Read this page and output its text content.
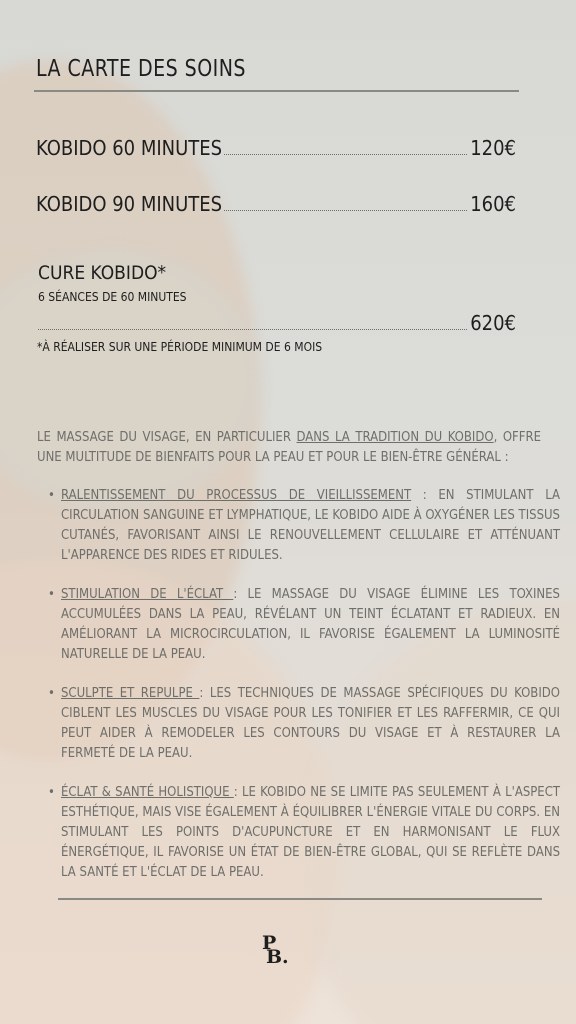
LA CARTE DES SOINS
KOBIDO 60 MINUTES	120€
KOBIDO 90 MINUTES	160€
CURE KOBIDO*
6 SÉANCES DE 60 MINUTES
620€
*À RÉALISER SUR UNE PÉRIODE MINIMUM DE 6 MOIS
LE MASSAGE DU VISAGE, EN PARTICULIER DANS LA TRADITION DU KOBIDO, OFFRE UNE MULTITUDE DE BIENFAITS POUR LA PEAU ET POUR LE BIEN-ÊTRE GÉNÉRAL :
• RALENTISSEMENT DU PROCESSUS DE VIEILLISSEMENT : EN STIMULANT LA CIRCULATION SANGUINE ET LYMPHATIQUE, LE KOBIDO AIDE À OXYGÉNER LES TISSUS CUTANÉS, FAVORISANT AINSI LE RENOUVELLEMENT CELLULAIRE ET ATTÉNUANT L'APPARENCE DES RIDES ET RIDULES.
• STIMULATION DE L'ÉCLAT : LE MASSAGE DU VISAGE ÉLIMINE LES TOXINES ACCUMULÉES DANS LA PEAU, RÉVÉLANT UN TEINT ÉCLATANT ET RADIEUX. EN AMÉLIORANT LA MICROCIRCULATION, IL FAVORISE ÉGALEMENT LA LUMINOSITÉ NATURELLE DE LA PEAU.
• SCULPTE ET REPULPE : LES TECHNIQUES DE MASSAGE SPÉCIFIQUES DU KOBIDO CIBLENT LES MUSCLES DU VISAGE POUR LES TONIFIER ET LES RAFFERMIR, CE QUI PEUT AIDER À REMODELER LES CONTOURS DU VISAGE ET À RESTAURER LA FERMETÉ DE LA PEAU.
• ÉCLAT & SANTÉ HOLISTIQUE : LE KOBIDO NE SE LIMITE PAS SEULEMENT À L'ASPECT ESTHÉTIQUE, MAIS VISE ÉGALEMENT À ÉQUILIBRER L'ÉNERGIE VITALE DU CORPS. EN STIMULANT LES POINTS D'ACUPUNCTURE ET EN HARMONISANT LE FLUX ÉNERGÉTIQUE, IL FAVORISE UN ÉTAT DE BIEN-ÊTRE GLOBAL, QUI SE REFLÈTE DANS LA SANTÉ ET L'ÉCLAT DE LA PEAU.
P
B.
